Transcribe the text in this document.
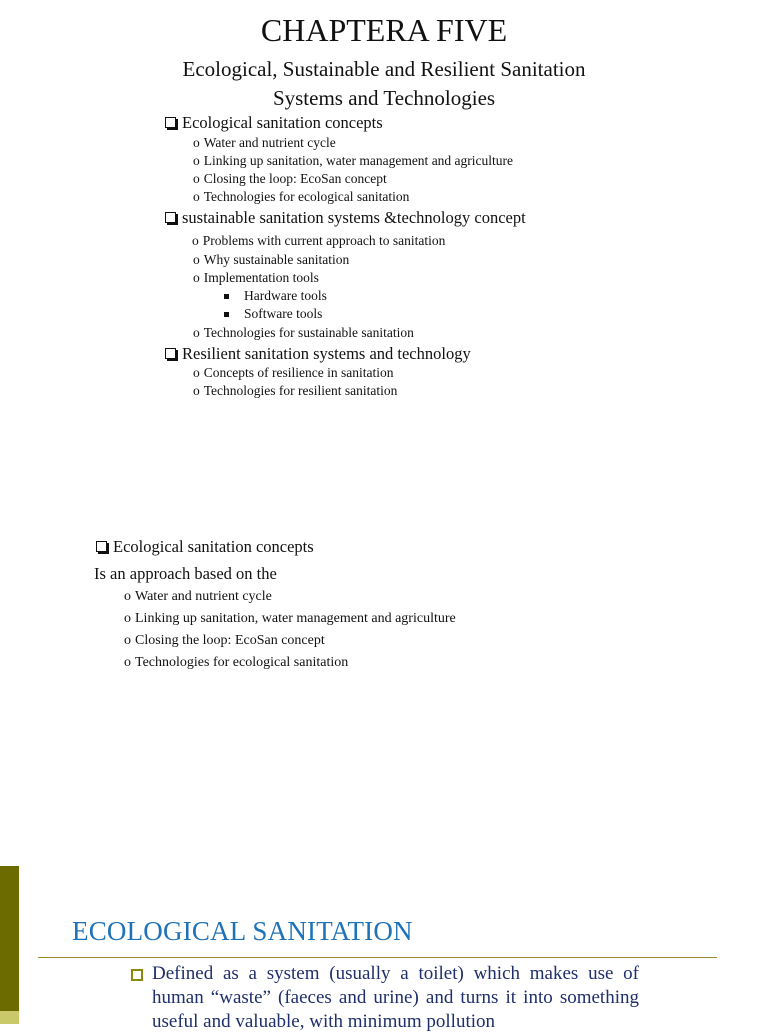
CHAPTERA FIVE
Ecological, Sustainable and Resilient Sanitation
Systems and Technologies
Ecological sanitation concepts
o Water and nutrient cycle
o Linking up sanitation, water management and agriculture
o Closing the loop: EcoSan concept
o Technologies for ecological sanitation
sustainable sanitation systems &technology concept
o Problems with current approach to sanitation
o Why sustainable sanitation
o Implementation tools
Hardware tools
Software tools
o Technologies for sustainable sanitation
Resilient sanitation systems and technology
o Concepts of resilience in sanitation
o Technologies for resilient sanitation
Ecological sanitation concepts
Is an approach based on the
o Water and nutrient cycle
o Linking up sanitation, water management and agriculture
o Closing the loop: EcoSan concept
o Technologies for ecological sanitation
ECOLOGICAL SANITATION
Defined as a system (usually a toilet) which makes use of human “waste” (faeces and urine) and turns it into something useful and valuable, with minimum pollution
